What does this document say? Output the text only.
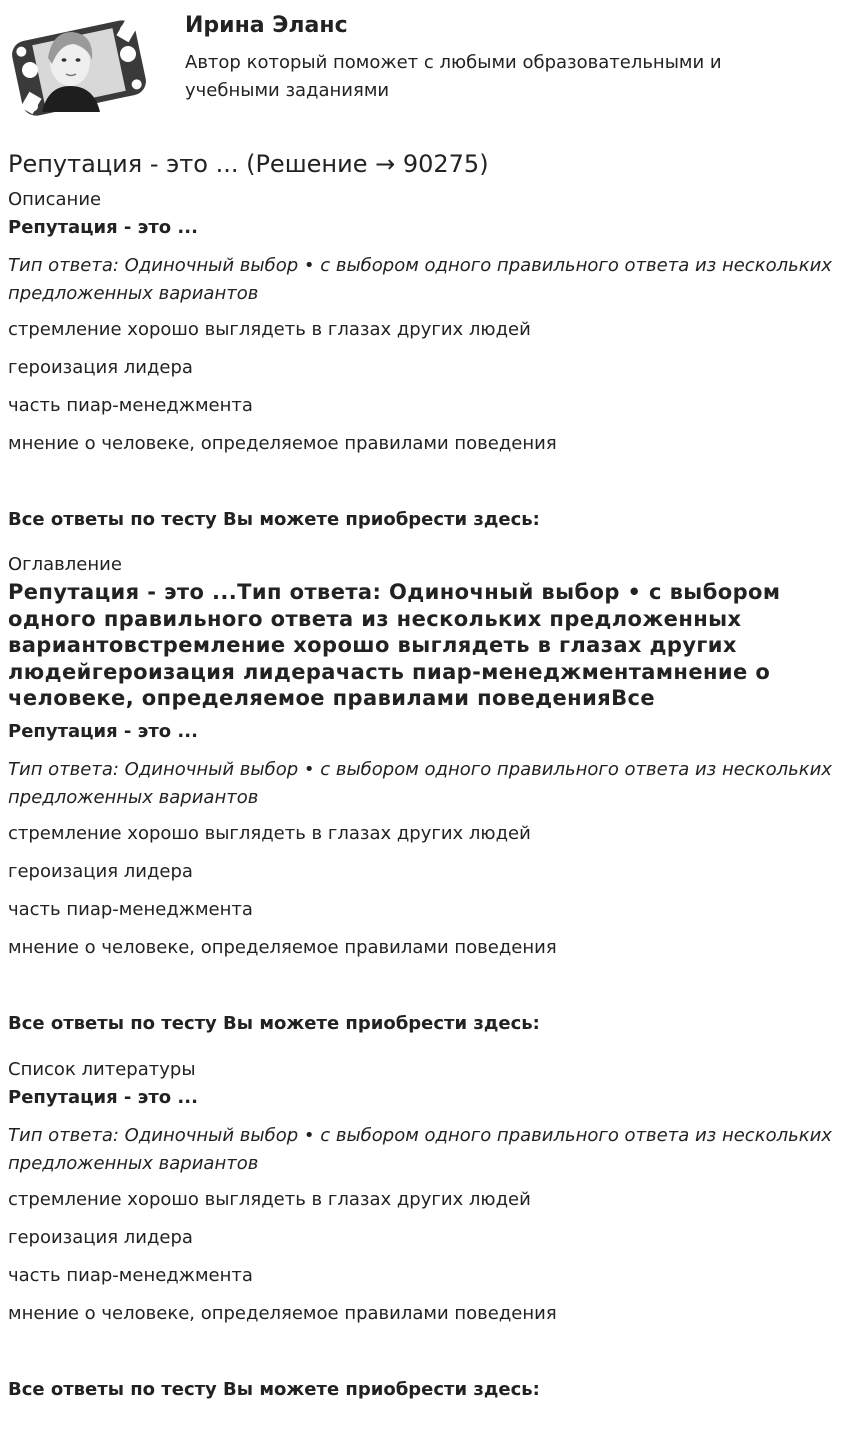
Ирина Эланс

Автор который поможет с любыми образовательными и учебными заданиями

Репутация - это ... (Решение → 90275)

Описание

Репутация - это ...

Тип ответа: Одиночный выбор • с выбором одного правильного ответа из нескольких предложенных вариантов

стремление хорошо выглядеть в глазах других людей

героизация лидера

часть пиар-менеджмента

мнение о человеке, определяемое правилами поведения

Все ответы по тесту Вы можете приобрести здесь:

Оглавление

Репутация - это ...Тип ответа: Одиночный выбор • с выбором одного правильного ответа из нескольких предложенных вариантовстремление хорошо выглядеть в глазах других людейгероизация лидерачасть пиар-менеджментамнение о человеке, определяемое правилами поведенияВсе

Репутация - это ...

Тип ответа: Одиночный выбор • с выбором одного правильного ответа из нескольких предложенных вариантов

стремление хорошо выглядеть в глазах других людей

героизация лидера

часть пиар-менеджмента

мнение о человеке, определяемое правилами поведения

Все ответы по тесту Вы можете приобрести здесь:

Список литературы

Репутация - это ...

Тип ответа: Одиночный выбор • с выбором одного правильного ответа из нескольких предложенных вариантов

стремление хорошо выглядеть в глазах других людей

героизация лидера

часть пиар-менеджмента

мнение о человеке, определяемое правилами поведения

Все ответы по тесту Вы можете приобрести здесь:
